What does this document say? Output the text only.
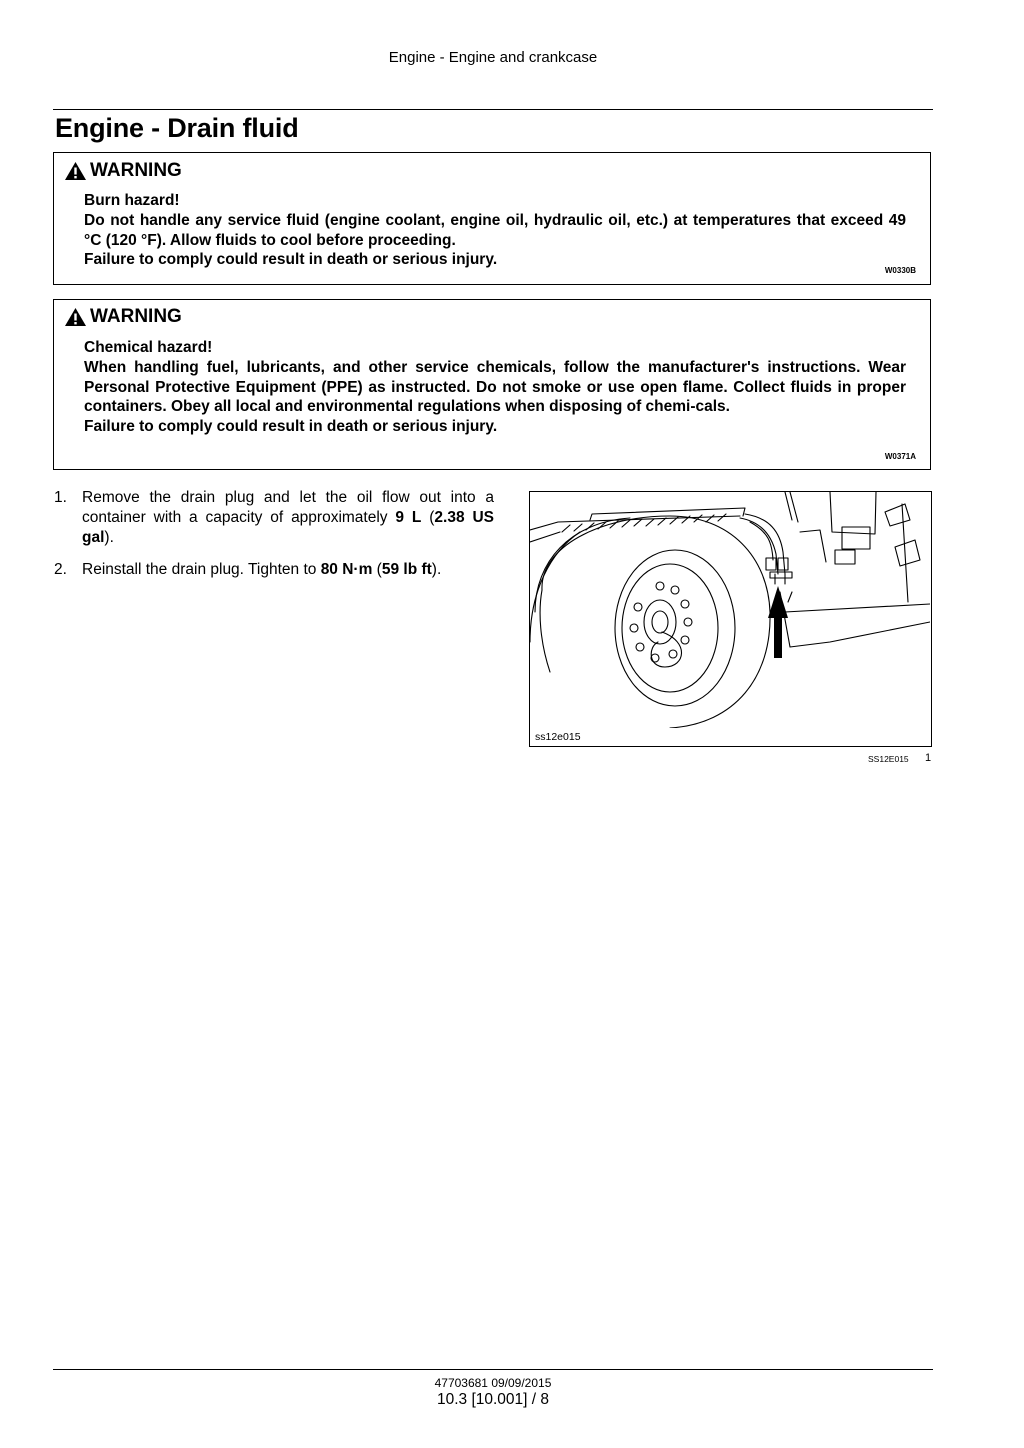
Engine - Engine and crankcase
Engine - Drain fluid
WARNING

Burn hazard!

Do not handle any service fluid (engine coolant, engine oil, hydraulic oil, etc.) at temperatures that exceed 49 °C (120 °F). Allow fluids to cool before proceeding.

Failure to comply could result in death or serious injury.

W0330B
WARNING

Chemical hazard!

When handling fuel, lubricants, and other service chemicals, follow the manufacturer's instructions. Wear Personal Protective Equipment (PPE) as instructed. Do not smoke or use open flame. Collect fluids in proper containers. Obey all local and environmental regulations when disposing of chemi-cals.

Failure to comply could result in death or serious injury.

W0371A
1. Remove the drain plug and let the oil flow out into a container with a capacity of approximately 9 L (2.38 US gal).
2. Reinstall the drain plug. Tighten to 80 N·m (59 lb ft).
ss12e015
SS12E015 1
47703681 09/09/2015
10.3 [10.001] / 8
